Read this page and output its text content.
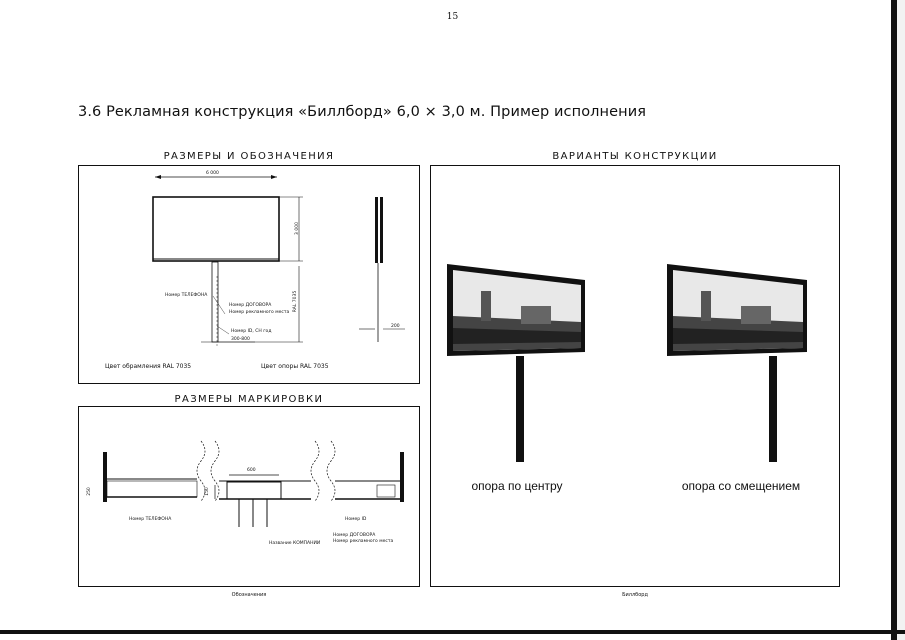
15
3.6 Рекламная конструкция «Биллборд» 6,0 × 3,0 м. Пример исполнения
РАЗМЕРЫ И ОБОЗНАЧЕНИЯ
РАЗМЕРЫ МАРКИРОВКИ
ВАРИАНТЫ КОНСТРУКЦИИ
6 000
3 000
RAL 7035
Номер ТЕЛЕФОНА
Номер ДОГОВОРА
Номер рекламного места
Номер ID, СН год
300-800
200
Цвет обрамления RAL 7035	Цвет опоры RAL 7035
600
150
250
Номер ТЕЛЕФОНА	Номер ID
Номер ДОГОВОРА
Номер рекламного места
Название КОМПАНИИ
Обозначения
опора по центру	опора со смещением
Биллборд
